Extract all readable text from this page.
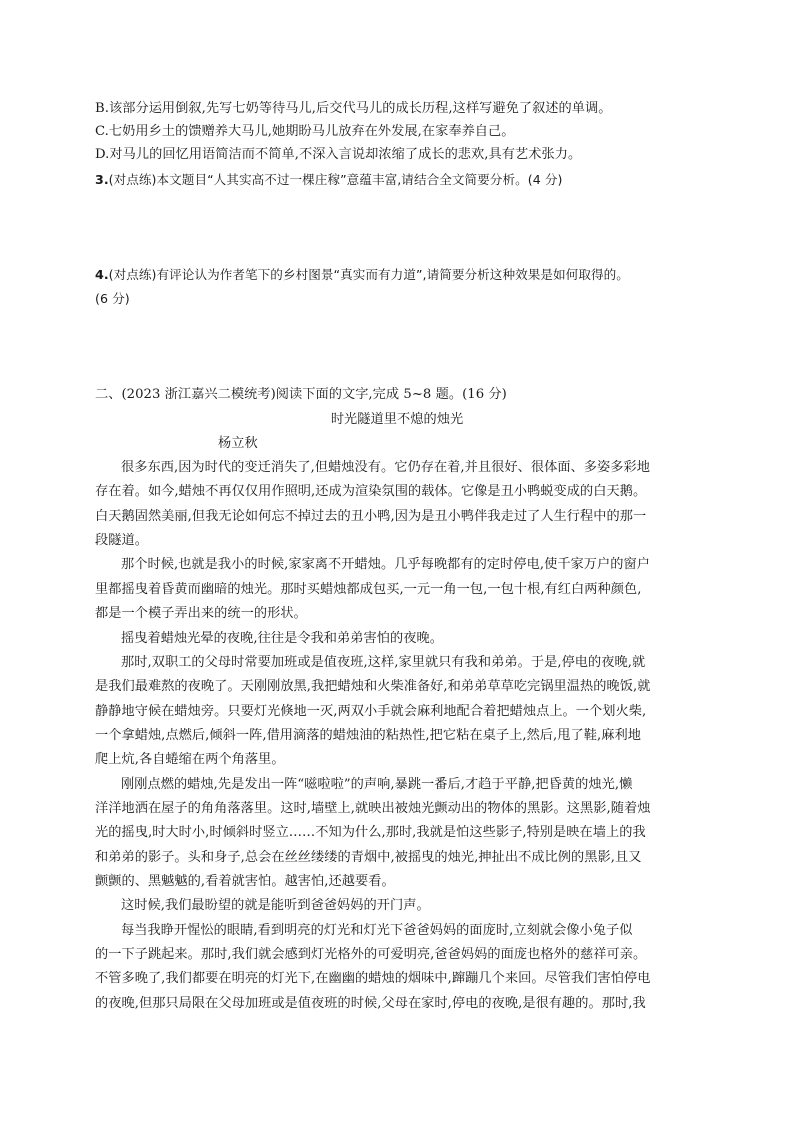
B.该部分运用倒叙,先写七奶等待马儿,后交代马儿的成长历程,这样写避免了叙述的单调。
C.七奶用乡土的馈赠养大马儿,她期盼马儿放弃在外发展,在家奉养自己。
D.对马儿的回忆用语简洁而不简单,不深入言说却浓缩了成长的悲欢,具有艺术张力。
3.(对点练)本文题目“人其实高不过一棵庄稼”意蕴丰富,请结合全文简要分析。(4 分)
4.(对点练)有评论认为作者笔下的乡村图景“真实而有力道”,请简要分析这种效果是如何取得的。
(6 分)
二、(2023 浙江嘉兴二模统考)阅读下面的文字,完成 5~8 题。(16 分)
时光隧道里不熄的烛光
杨立秋
很多东西,因为时代的变迁消失了,但蜡烛没有。它仍存在着,并且很好、很体面、多姿多彩地
存在着。如今,蜡烛不再仅仅用作照明,还成为渲染氛围的载体。它像是丑小鸭蜕变成的白天鹅。
白天鹅固然美丽,但我无论如何忘不掉过去的丑小鸭,因为是丑小鸭伴我走过了人生行程中的那一
段隧道。
那个时候,也就是我小的时候,家家离不开蜡烛。几乎每晚都有的定时停电,使千家万户的窗户
里都摇曳着昏黄而幽暗的烛光。那时买蜡烛都成包买,一元一角一包,一包十根,有红白两种颜色,
都是一个模子弄出来的统一的形状。
摇曳着蜡烛光晕的夜晚,往往是令我和弟弟害怕的夜晚。
那时,双职工的父母时常要加班或是值夜班,这样,家里就只有我和弟弟。于是,停电的夜晚,就
是我们最难熬的夜晚了。天刚刚放黑,我把蜡烛和火柴准备好,和弟弟草草吃完锅里温热的晚饭,就
静静地守候在蜡烛旁。只要灯光倏地一灭,两双小手就会麻利地配合着把蜡烛点上。一个划火柴,
一个拿蜡烛,点燃后,倾斜一阵,借用滴落的蜡烛油的粘热性,把它粘在桌子上,然后,甩了鞋,麻利地
爬上炕,各自蜷缩在两个角落里。
刚刚点燃的蜡烛,先是发出一阵“嗞啦啦”的声响,暴跳一番后,才趋于平静,把昏黄的烛光,懒
洋洋地洒在屋子的角角落落里。这时,墙壁上,就映出被烛光颤动出的物体的黑影。这黑影,随着烛
光的摇曳,时大时小,时倾斜时竖立……不知为什么,那时,我就是怕这些影子,特别是映在墙上的我
和弟弟的影子。头和身子,总会在丝丝缕缕的青烟中,被摇曳的烛光,抻扯出不成比例的黑影,且又
颤颤的、黑魆魆的,看着就害怕。越害怕,还越要看。
这时候,我们最盼望的就是能听到爸爸妈妈的开门声。
每当我睁开惺忪的眼睛,看到明亮的灯光和灯光下爸爸妈妈的面庞时,立刻就会像小兔子似
的一下子跳起来。那时,我们就会感到灯光格外的可爱明亮,爸爸妈妈的面庞也格外的慈祥可亲。
不管多晚了,我们都要在明亮的灯光下,在幽幽的蜡烛的烟味中,蹿蹦几个来回。尽管我们害怕停电
的夜晚,但那只局限在父母加班或是值夜班的时候,父母在家时,停电的夜晚,是很有趣的。那时,我
